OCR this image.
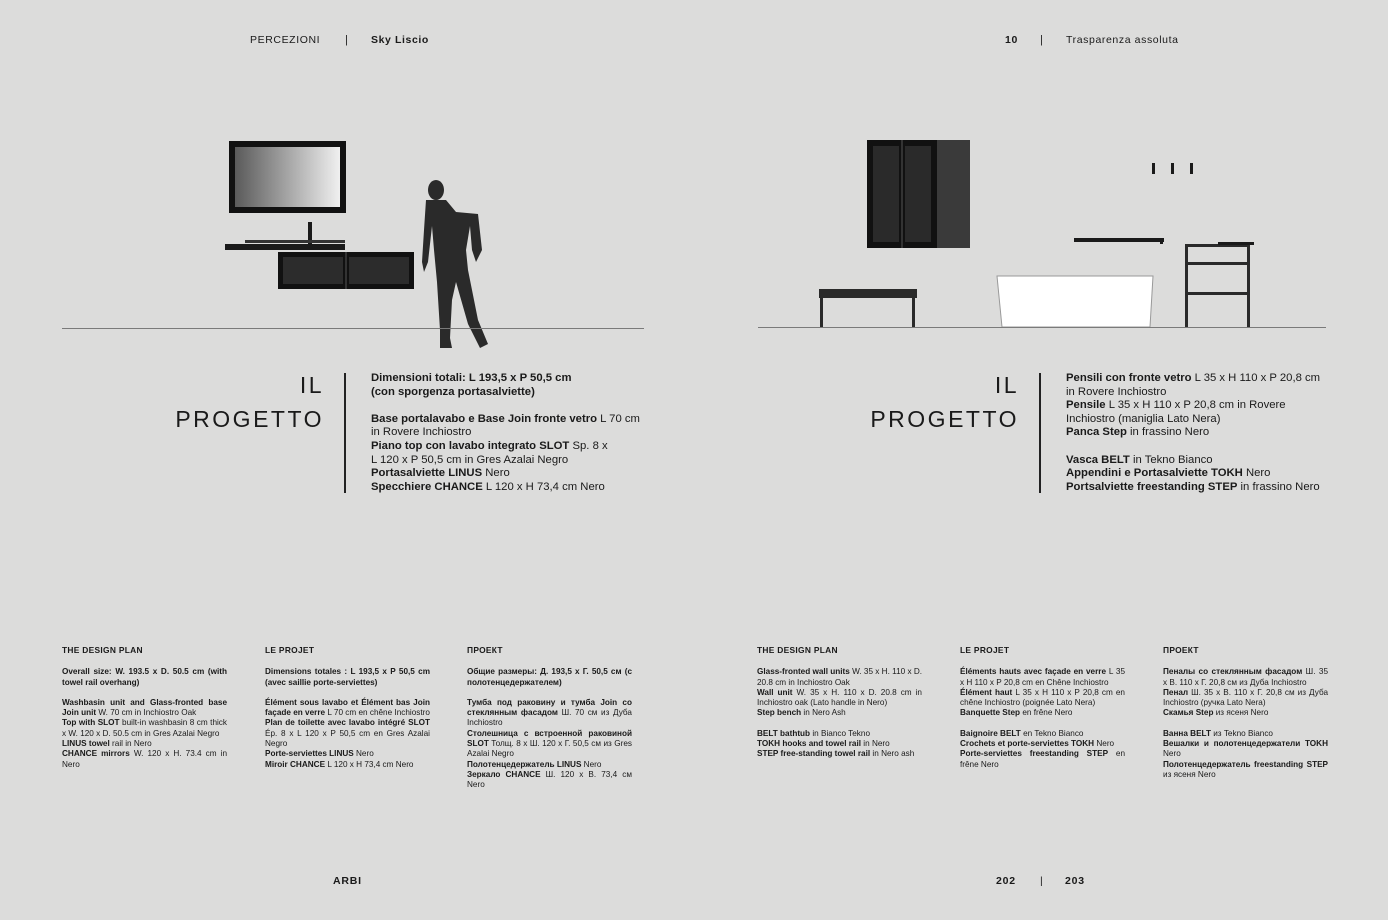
PERCEZIONI | Sky Liscio
IL
PROGETTO
Dimensioni totali: L 193,5 x P 50,5 cm
(con sporgenza portasalviette)
Base portalavabo e Base Join fronte vetro L 70 cm
in Rovere Inchiostro
Piano top con lavabo integrato SLOT Sp. 8 x
L 120 x P 50,5 cm in Gres Azalai Negro
Portasalviette LINUS Nero
Specchiere CHANCE L 120 x H 73,4 cm Nero
THE DESIGN PLAN
Overall size: W. 193.5 x D. 50.5 cm (with towel rail overhang)
Washbasin unit and Glass-fronted base Join unit W. 70 cm in Inchiostro Oak
Top with SLOT built-in washbasin 8 cm thick x W. 120 x D. 50.5 cm in Gres Azalai Negro
LINUS towel rail in Nero
CHANCE mirrors W. 120 x H. 73.4 cm in Nero
LE PROJET
Dimensions totales : L 193,5 x P 50,5 cm (avec saillie porte-serviettes)
Élément sous lavabo et Élément bas Join façade en verre L 70 cm en chêne Inchiostro
Plan de toilette avec lavabo intégré SLOT Ép. 8 x L 120 x P 50,5 cm en Gres Azalai Negro
Porte-serviettes LINUS Nero
Miroir CHANCE L 120 x H 73,4 cm Nero
ПРОЕКТ
Общие размеры: Д. 193,5 х Г. 50,5 см (с полотенцедержателем)
Тумба под раковину и тумба Join со стеклянным фасадом Ш. 70 см из Дуба Inchiostro
Столешница с встроенной раковиной SLOT Толщ. 8 х Ш. 120 х Г. 50,5 см из Gres Azalai Negro
Полотенцедержатель LINUS Nero
Зеркало CHANCE Ш. 120 х В. 73,4 см Nero
ARBI
10 | Trasparenza assoluta
IL
PROGETTO
Pensili con fronte vetro L 35 x H 110 x P 20,8 cm
in Rovere Inchiostro
Pensile L 35 x H 110 x P 20,8 cm in Rovere
Inchiostro (maniglia Lato Nera)
Panca Step in frassino Nero
Vasca BELT in Tekno Bianco
Appendini e Portasalviette TOKH Nero
Portsalviette freestanding STEP in frassino Nero
THE DESIGN PLAN
Glass-fronted wall units W. 35 x H. 110 x D. 20.8 cm in Inchiostro Oak
Wall unit W. 35 x H. 110 x D. 20.8 cm in Inchiostro oak (Lato handle in Nero)
Step bench in Nero Ash
BELT bathtub in Bianco Tekno
TOKH hooks and towel rail in Nero
STEP free-standing towel rail in Nero ash
LE PROJET
Éléments hauts avec façade en verre L 35 x H 110 x P 20,8 cm en Chêne Inchiostro
Élément haut L 35 x H 110 x P 20,8 cm en chêne Inchiostro (poignée Lato Nera)
Banquette Step en frêne Nero
Baignoire BELT en Tekno Bianco
Crochets et porte-serviettes TOKH Nero
Porte-serviettes freestanding STEP en frêne Nero
ПРОЕКТ
Пеналы со стеклянным фасадом Ш. 35 х В. 110 х Г. 20,8 см из Дуба Inchiostro
Пенал Ш. 35 х В. 110 х Г. 20,8 см из Дуба Inchiostro (ручка Lato Nera)
Скамья Step из ясеня Nero
Ванна BELT из Tekno Bianco
Вешалки и полотенцедержатели TOKH Nero
Полотенцедержатель freestanding STEP из ясеня Nero
202 | 203
